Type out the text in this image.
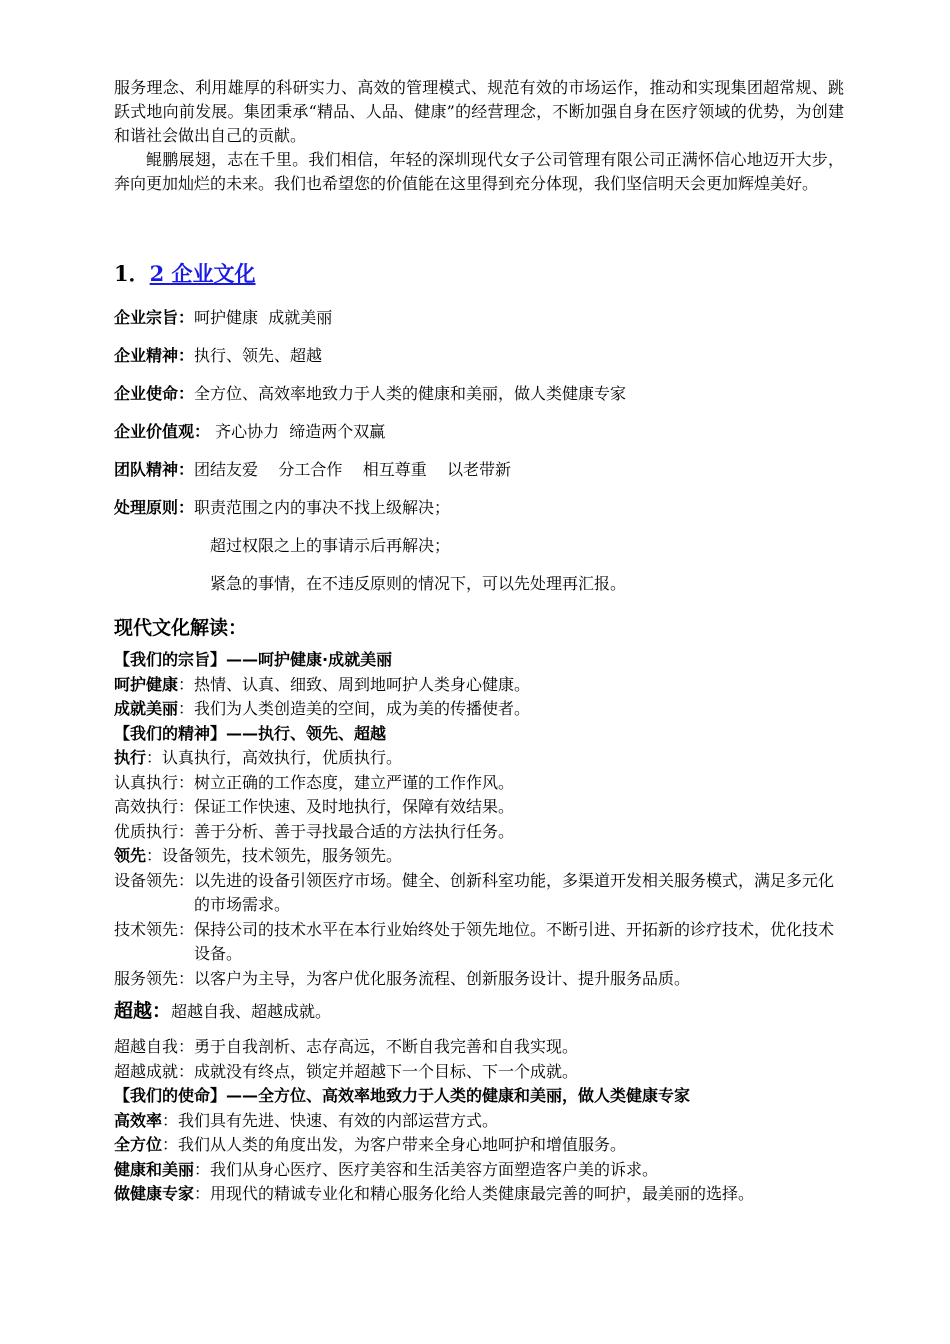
服务理念、利用雄厚的科研实力、高效的管理模式、规范有效的市场运作，推动和实现集团超常规、跳跃式地向前发展。集团秉承“精品、人品、健康”的经营理念，不断加强自身在医疗领域的优势，为创建和谐社会做出自己的贡献。

鲲鹏展翅，志在千里。我们相信，年轻的深圳现代女子公司管理有限公司正满怀信心地迈开大步，奔向更加灿烂的未来。我们也希望您的价值能在这里得到充分体现，我们坚信明天会更加辉煌美好。

1．2 企业文化
企业宗旨： 呵护健康  成就美丽
企业精神： 执行、领先、超越
企业使命： 全方位、高效率地致力于人类的健康和美丽，做人类健康专家
企业价值观： 齐心协力  缔造两个双赢
团队精神： 团结友爱    分工合作    相互尊重    以老带新
处理原则： 职责范围之内的事决不找上级解决；
超过权限之上的事请示后再解决；
紧急的事情，在不违反原则的情况下，可以先处理再汇报。
现代文化解读：
【我们的宗旨】——呵护健康·成就美丽
呵护健康 ： 热情、认真、细致、周到地呵护人类身心健康。
成就美丽 ： 我们为人类创造美的空间，成为美的传播使者。
【我们的精神】——执行、领先、超越
执行 ： 认真执行，高效执行，优质执行。
认真执行： 树立正确的工作态度，建立严谨的工作作风。
高效执行： 保证工作快速、及时地执行，保障有效结果。
优质执行： 善于分析、善于寻找最合适的方法执行任务。
领先 ： 设备领先，技术领先，服务领先。
设备领先： 以先进的设备引领医疗市场。健全、创新科室功能，多渠道开发相关服务模式，满足多元化的市场需求。
技术领先： 保持公司的技术水平在本行业始终处于领先地位。不断引进、开拓新的诊疗技术，优化技术设备。
服务领先： 以客户为主导，为客户优化服务流程、创新服务设计、提升服务品质。
超越 ： 超越自我、超越成就。
超越自我： 勇于自我剖析、志存高远，不断自我完善和自我实现。
超越成就： 成就没有终点，锁定并超越下一个目标、下一个成就。
【我们的使命】——全方位、高效率地致力于人类的健康和美丽，做人类健康专家
高效率 ： 我们具有先进、快速、有效的内部运营方式。
全方位 ： 我们从人类的角度出发，为客户带来全身心地呵护和增值服务。
健康和美丽 ： 我们从身心医疗、医疗美容和生活美容方面塑造客户美的诉求。
做健康专家 ： 用现代的精诚专业化和精心服务化给人类健康最完善的呵护，最美丽的选择。
